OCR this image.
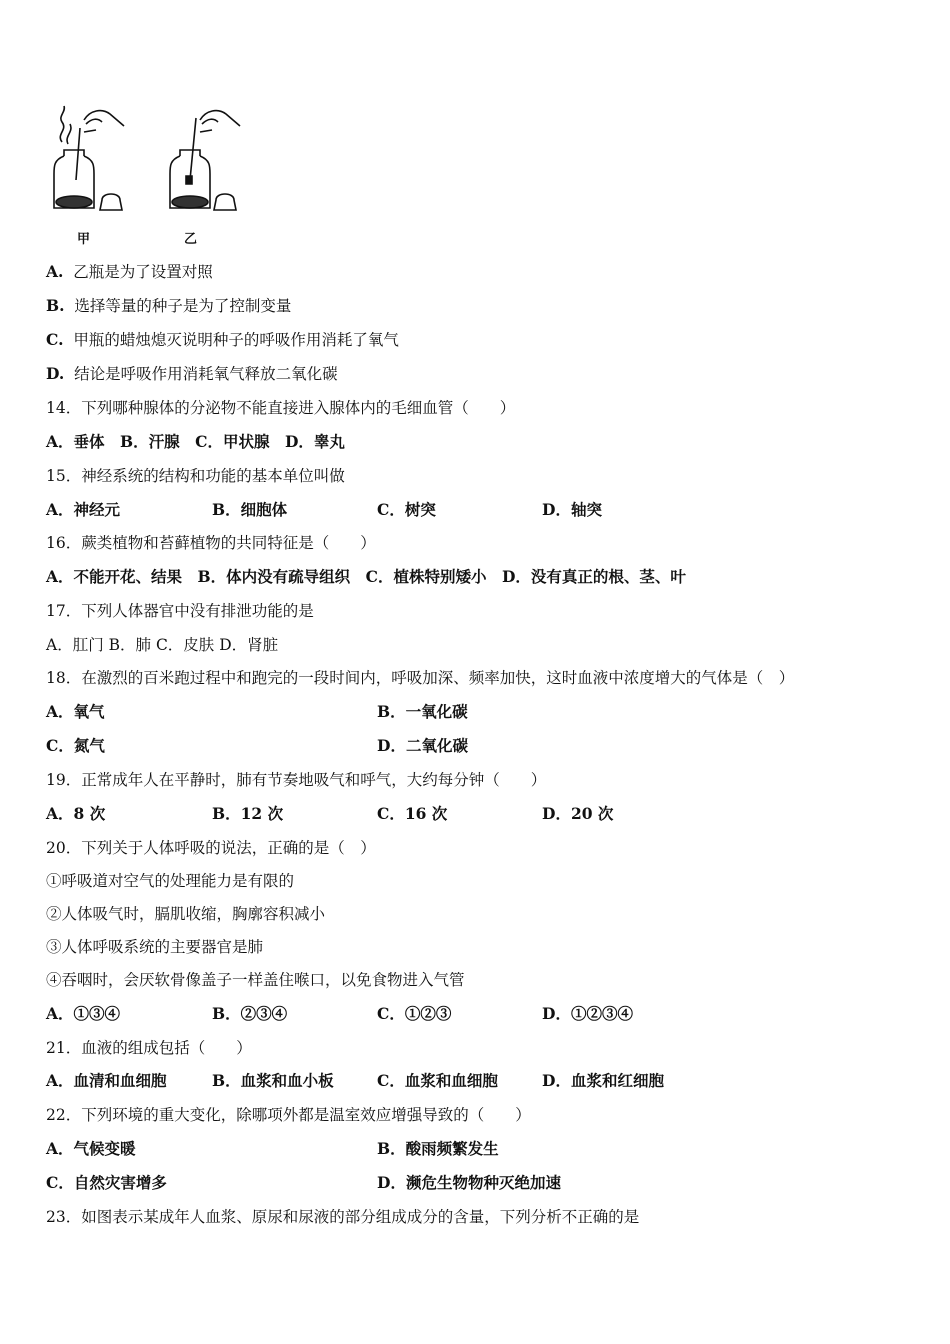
甲	乙
A. 乙瓶是为了设置对照
B. 选择等量的种子是为了控制变量
C. 甲瓶的蜡烛熄灭说明种子的呼吸作用消耗了氧气
D. 结论是呼吸作用消耗氧气释放二氧化碳
14．下列哪种腺体的分泌物不能直接进入腺体内的毛细血管（　　）
A．垂体　B．汗腺　C．甲状腺　D．睾丸
15．神经系统的结构和功能的基本单位叫做
A．神经元	B．细胞体	C．树突	D．轴突
16．蕨类植物和苔藓植物的共同特征是（　　）
A．不能开花、结果　B．体内没有疏导组织　C．植株特别矮小　D．没有真正的根、茎、叶
17．下列人体器官中没有排泄功能的是
A．肛门 B．肺 C．皮肤 D．肾脏
18．在激烈的百米跑过程中和跑完的一段时间内，呼吸加深、频率加快，这时血液中浓度增大的气体是（　）
A．氧气	B．一氧化碳
C．氮气	D．二氧化碳
19．正常成年人在平静时，肺有节奏地吸气和呼气，大约每分钟（　　）
A．8 次	B．12 次	C．16 次	D．20 次
20．下列关于人体呼吸的说法，正确的是（　）
①呼吸道对空气的处理能力是有限的
②人体吸气时，膈肌收缩，胸廓容积减小
③人体呼吸系统的主要器官是肺
④吞咽时，会厌软骨像盖子一样盖住喉口，以免食物进入气管
A．①③④	B．②③④	C．①②③	D．①②③④
21．血液的组成包括（　　）
A．血清和血细胞	B．血浆和血小板	C．血浆和血细胞	D．血浆和红细胞
22．下列环境的重大变化，除哪项外都是温室效应增强导致的（　　）
A．气候变暖	B．酸雨频繁发生
C．自然灾害增多	D．濒危生物物种灭绝加速
23．如图表示某成年人血浆、原尿和尿液的部分组成成分的含量，下列分析不正确的是
